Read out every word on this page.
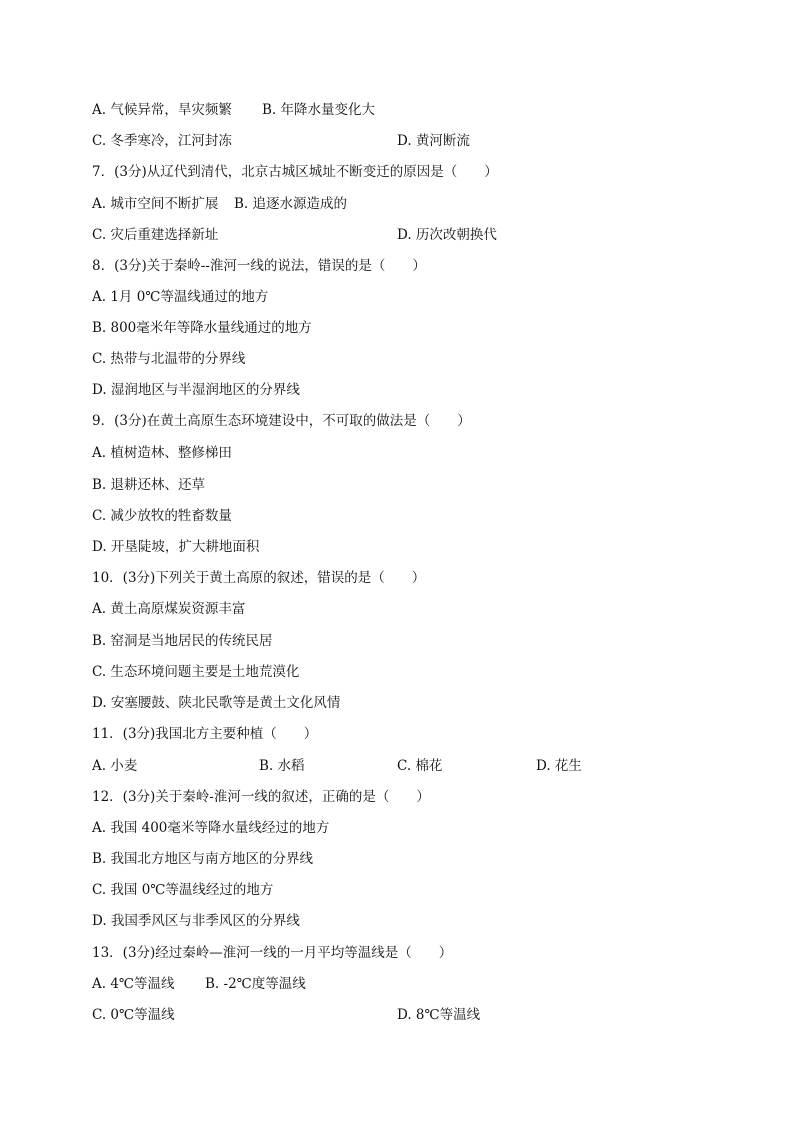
A. 气候异常，旱灾频繁 B. 年降水量变化大
C. 冬季寒冷，江河封冻	D. 黄河断流
7．(3分)从辽代到清代，北京古城区城址不断变迁的原因是（　　）
A. 城市空间不断扩展 B. 追逐水源造成的
C. 灾后重建选择新址	D. 历次改朝换代
8．(3分)关于秦岭--淮河一线的说法，错误的是（　　）
A. 1月 0℃等温线通过的地方
B. 800毫米年等降水量线通过的地方
C. 热带与北温带的分界线
D. 湿润地区与半湿润地区的分界线
9．(3分)在黄土高原生态环境建设中，不可取的做法是（　　）
A. 植树造林、整修梯田
B. 退耕还林、还草
C. 减少放牧的牲畜数量
D. 开垦陡坡，扩大耕地面积
10．(3分)下列关于黄土高原的叙述，错误的是（　　）
A. 黄土高原煤炭资源丰富
B. 窑洞是当地居民的传统民居
C. 生态环境问题主要是土地荒漠化
D. 安塞腰鼓、陕北民歌等是黄土文化风情
11．(3分)我国北方主要种植（　　）
A. 小麦	B. 水稻	C. 棉花	D. 花生
12．(3分)关于秦岭-淮河一线的叙述，正确的是（　　）
A. 我国 400毫米等降水量线经过的地方
B. 我国北方地区与南方地区的分界线
C. 我国 0℃等温线经过的地方
D. 我国季风区与非季风区的分界线
13．(3分)经过秦岭—淮河一线的一月平均等温线是（　　）
A. 4℃等温线 B. -2℃度等温线
C. 0℃等温线	D. 8℃等温线
